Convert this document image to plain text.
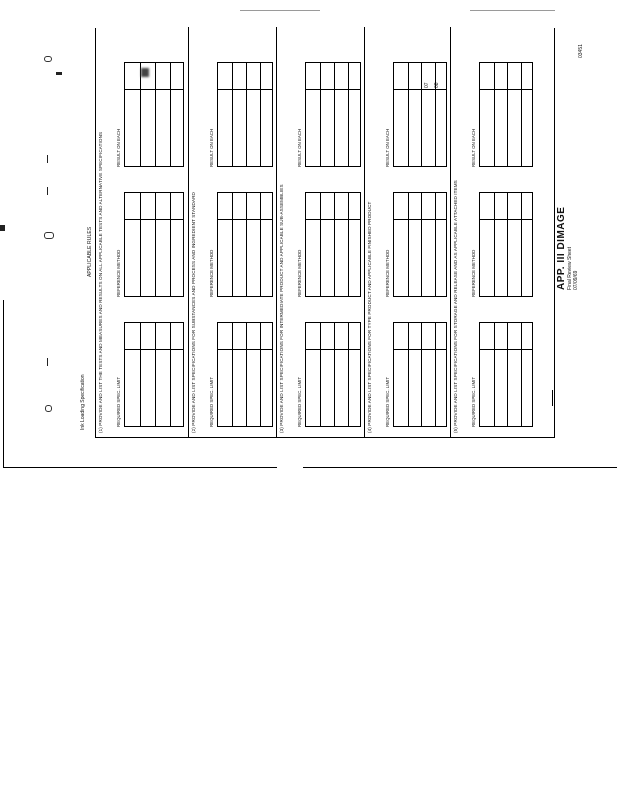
APPLICABLE RULES (1) PROVIDE AND LIST THE TESTS AND MEASURES AND RESULTS ON ALL APPLICABLE TESTS AND ALTERNATIVE SPECIFICATIONS	REQUIRED SPEC. LIMIT
REFERENCE METHOD
RESULT ON EACH
(2) PROVIDE AND LIST SPECIFICATIONS FOR SUBSTANCES AND PROCESS AND INGREDIENT STANDARD	REQUIRED SPEC. LIMIT
REFERENCE METHOD
RESULT ON EACH
(3) PROVIDE AND LIST SPECIFICATIONS FOR INTERMEDIATE PRODUCT AND APPLICABLE SUB-ASSEMBLIES	REQUIRED SPEC. LIMIT
REFERENCE METHOD
RESULT ON EACH
(4) PROVIDE AND LIST SPECIFICATIONS FOR TYPE PRODUCT AND APPLICABLE FINISHED PRODUCT	REQUIRED SPEC. LIMIT
REFERENCE METHOD
RESULT ON EACH
(5) PROVIDE AND LIST SPECIFICATIONS FOR STORAGE AND RELEASE AND AS APPLICABLE ATTACHED ITEMS	REQUIRED SPEC. LIMIT
REFERENCE METHOD
RESULT ON EACH
Ink Loading Specification
APP. III DIMAGE Final Review Sheet 07/09/69
03451
07 08
